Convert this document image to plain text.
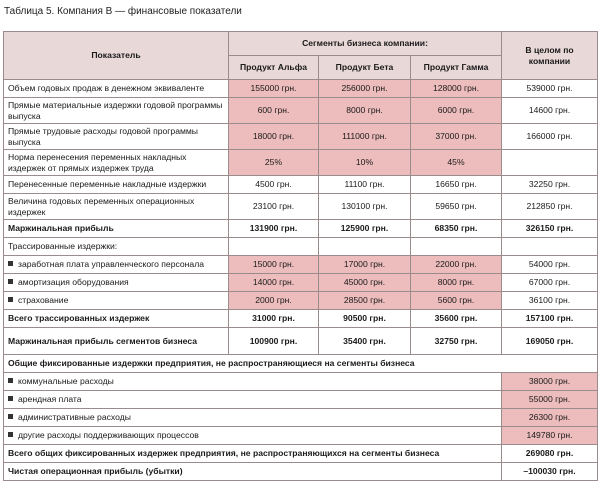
Таблица 5. Компания В — финансовые показатели
Показатель	Сегменты бизнеса компании:			В целом по компании
	Продукт Альфа	Продукт Бета	Продукт Гамма	
Объем годовых продаж в денежном эквиваленте	155000 грн.	256000 грн.	128000 грн.	539000 грн.
Прямые материальные издержки годовой программы выпуска	600 грн.	8000 грн.	6000 грн.	14600 грн.
Прямые трудовые расходы годовой программы выпуска	18000 грн.	111000 грн.	37000 грн.	166000 грн.
Норма перенесения переменных накладных издержек от прямых издержек труда	25%	10%	45%	
Перенесенные переменные накладные издержки	4500 грн.	11100 грн.	16650 грн.	32250 грн.
Величина годовых переменных операционных издержек	23100 грн.	130100 грн.	59650 грн.	212850 грн.
Маржинальная прибыль	131900 грн.	125900 грн.	68350 грн.	326150 грн.
Трассированные издержки:				
заработная плата управленческого персонала	15000 грн.	17000 грн.	22000 грн.	54000 грн.
амортизация оборудования	14000 грн.	45000 грн.	8000 грн.	67000 грн.
страхование	2000 грн.	28500 грн.	5600 грн.	36100 грн.
Всего трассированных издержек	31000 грн.	90500 грн.	35600 грн.	157100 грн.
Маржинальная прибыль сегментов бизнеса	100900 грн.	35400 грн.	32750 грн.	169050 грн.
Общие фиксированные издержки предприятия, не распространяющиеся на сегменты бизнеса				
коммунальные расходы				38000 грн.
арендная плата				55000 грн.
административные расходы				26300 грн.
другие расходы поддерживающих процессов				149780 грн.
Всего общих фиксированных издержек предприятия, не распространяющихся на сегменты бизнеса				269080 грн.
Чистая операционная прибыль (убытки)				–100030 грн.
